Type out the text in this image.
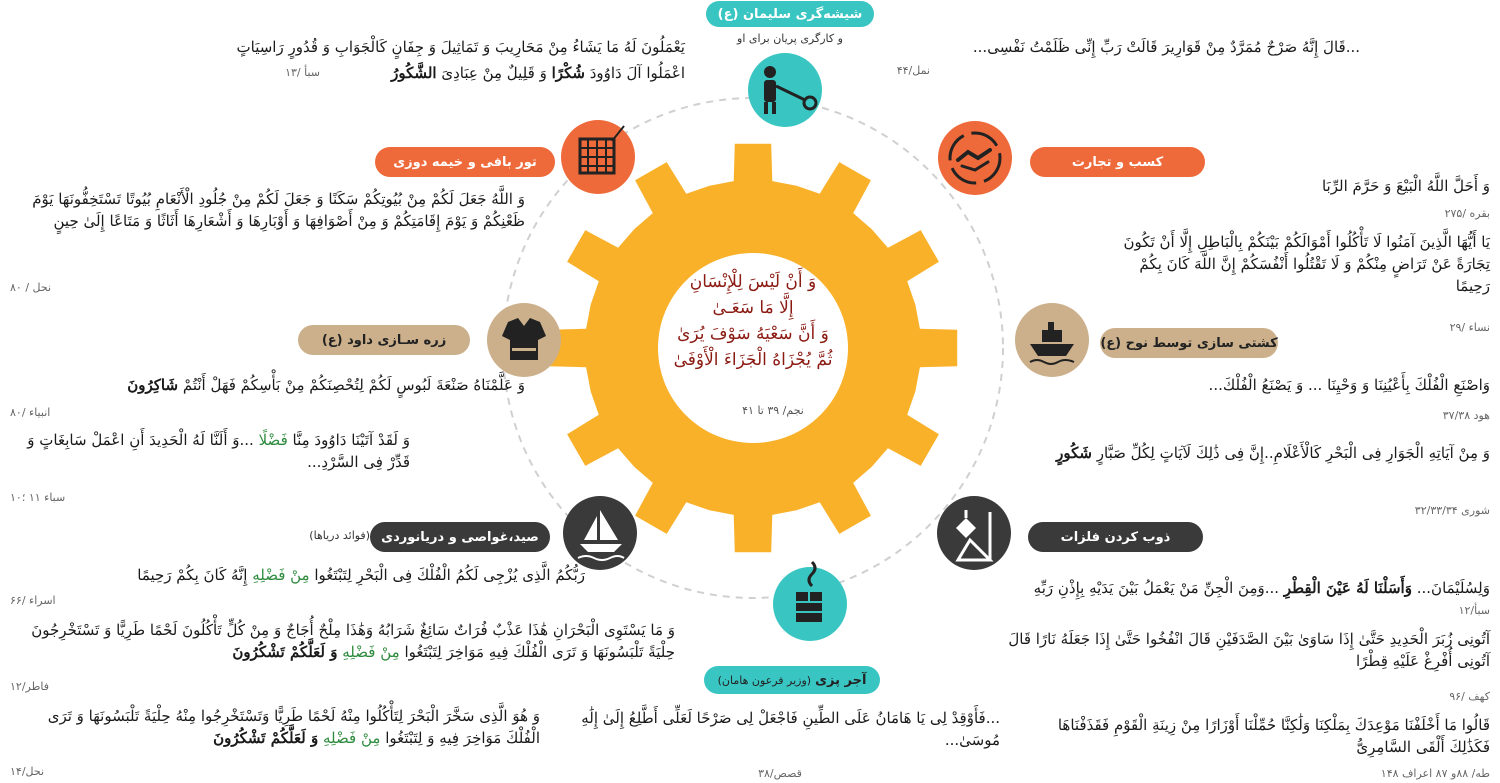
وَ أَنْ لَیْسَ لِلْإِنْسَانِ
إِلَّا مَا سَعَـیٰ
وَ أَنَّ سَعْیَهُ سَوْفَ یُرَیٰ
ثُمَّ یُجْزَاهُ الْجَزَاءَ الْأَوْفَیٰ
نجم/ ۳۹ تا ۴۱
شیشه‌گری سلیمان (ع)
و کارگری پریان برای او	...قَالَ إِنَّهُ صَرْحٌ مُمَرَّدٌ مِنْ قَوَارِیرَ قَالَتْ رَبِّ إِنِّی ظَلَمْتُ نَفْسِی...
نمل/۴۴
یَعْمَلُونَ لَهُ مَا یَشَاءُ مِنْ مَحَارِیبَ وَ تَمَاثِیلَ وَ جِفَانٍ كَالْجَوَابِ وَ قُدُورٍ رَاسِیَاتٍ
اعْمَلُوا آلَ دَاوُودَ شُكْرًا وَ قَلِیلٌ مِنْ عِبَادِیَ الشَّكُورُ
سبأ /۱۳
کسب و تجارت
وَ أَحَلَّ اللَّهُ الْبَیْعَ وَ حَرَّمَ الرِّبَا
بقره /۲۷۵
یَا أَیُّهَا الَّذِینَ آمَنُوا لَا تَأْكُلُوا أَمْوَالَكُمْ بَیْنَكُمْ بِالْبَاطِلِ إِلَّا أَنْ تَكُونَ تِجَارَةً عَنْ تَرَاضٍ مِنْكُمْ وَ لَا تَقْتُلُوا أَنْفُسَكُمْ إِنَّ اللَّهَ كَانَ بِكُمْ رَحِیمًا
نساء /۲۹
تور بافی و خیمه دوزی
وَ اللَّهُ جَعَلَ لَكُمْ مِنْ بُیُوتِكُمْ سَكَنًا وَ جَعَلَ لَكُمْ مِنْ جُلُودِ الْأَنْعَامِ بُیُوتًا تَسْتَخِفُّونَهَا یَوْمَ ظَعْنِكُمْ وَ یَوْمَ إِقَامَتِكُمْ وَ مِنْ أَصْوَافِهَا وَ أَوْبَارِهَا وَ أَشْعَارِهَا أَثَاثًا وَ مَتَاعًا إِلَىٰ حِینٍ
نحل / ۸۰
زره سـازی داود (ع)
وَ عَلَّمْنَاهُ صَنْعَةَ لَبُوسٍ لَكُمْ لِتُحْصِنَكُمْ مِنْ بَأْسِكُمْ فَهَلْ أَنْتُمْ شَاكِرُونَ
انبیاء /۸۰
وَ لَقَدْ آتَیْنَا دَاوُودَ مِنَّا فَضْلًا ...وَ أَلَنَّا لَهُ الْحَدِیدَ أَنِ اعْمَلْ سَابِغَاتٍ وَ قَدِّرْ فِی السَّرْدِ...
سباء ۱۱ ؛۱۰
کشتی سازی توسط نوح (ع)
وَاصْنَعِ الْفُلْكَ بِأَعْیُنِنَا وَ وَحْیِنَا ... وَ یَصْنَعُ الْفُلْكَ...
هود ۳۷/۳۸
وَ مِنْ آیَاتِهِ الْجَوَارِ فِی الْبَحْرِ كَالْأَعْلَامِ..إِنَّ فِی ذَٰلِكَ لَآیَاتٍ لِكُلِّ صَبَّارٍ شَكُورٍ
شوری ۳۲/۳۳/۳۴
صید،غواصی و دریانوردی
(فوائد دریاها)
رَبُّكُمُ الَّذِی یُزْجِی لَكُمُ الْفُلْكَ فِی الْبَحْرِ لِتَبْتَغُوا مِنْ فَضْلِهِ إِنَّهُ كَانَ بِكُمْ رَحِیمًا
اسراء /۶۶
وَ مَا یَسْتَوِی الْبَحْرَانِ هَٰذَا عَذْبٌ فُرَاتٌ سَائِغٌ شَرَابُهُ وَهَٰذَا مِلْحٌ أُجَاجٌ وَ مِنْ كُلٍّ تَأْكُلُونَ لَحْمًا طَرِیًّا وَ تَسْتَخْرِجُونَ حِلْیَةً تَلْبَسُونَهَا وَ تَرَى الْفُلْكَ فِیهِ مَوَاخِرَ لِتَبْتَغُوا مِنْ فَضْلِهِ وَ لَعَلَّكُمْ تَشْكُرُونَ
فاطر/۱۲
وَ هُوَ الَّذِی سَخَّرَ الْبَحْرَ لِتَأْكُلُوا مِنْهُ لَحْمًا طَرِیًّا وَتَسْتَخْرِجُوا مِنْهُ حِلْیَةً تَلْبَسُونَهَا وَ تَرَى الْفُلْكَ مَوَاخِرَ فِیهِ وَ لِتَبْتَغُوا مِنْ فَضْلِهِ وَ لَعَلَّكُمْ تَشْكُرُونَ
نحل/۱۴
ذوب کردن فلزات
وَلِسُلَیْمَانَ... وَأَسَلْنَا لَهُ عَیْنَ الْقِطْرِ ...وَمِنَ الْجِنِّ مَنْ یَعْمَلُ بَیْنَ یَدَیْهِ بِإِذْنِ رَبِّهِ
سبأ/۱۲
آتُونِی زُبَرَ الْحَدِیدِ حَتَّىٰ إِذَا سَاوَىٰ بَیْنَ الصَّدَفَیْنِ قَالَ انْفُخُوا حَتَّىٰ إِذَا جَعَلَهُ نَارًا قَالَ آتُونِی أُفْرِغْ عَلَیْهِ قِطْرًا
کهف /۹۶
قَالُوا مَا أَخْلَفْنَا مَوْعِدَكَ بِمَلْكِنَا وَلَٰكِنَّا حُمِّلْنَا أَوْزَارًا مِنْ زِینَةِ الْقَوْمِ فَقَذَفْنَاهَا فَكَذَٰلِكَ أَلْقَى السَّامِرِیُّ
طه/ ۸۸و ۸۷ اعراف ۱۴۸
آجر پزی
(وزیر فرعون هامان)
...فَأَوْقِدْ لِی یَا هَامَانُ عَلَی الطِّینِ فَاجْعَلْ لِی صَرْحًا لَعَلِّی أَطَّلِعُ إِلَىٰ إِلَٰهِ مُوسَىٰ...
قصص/۳۸
